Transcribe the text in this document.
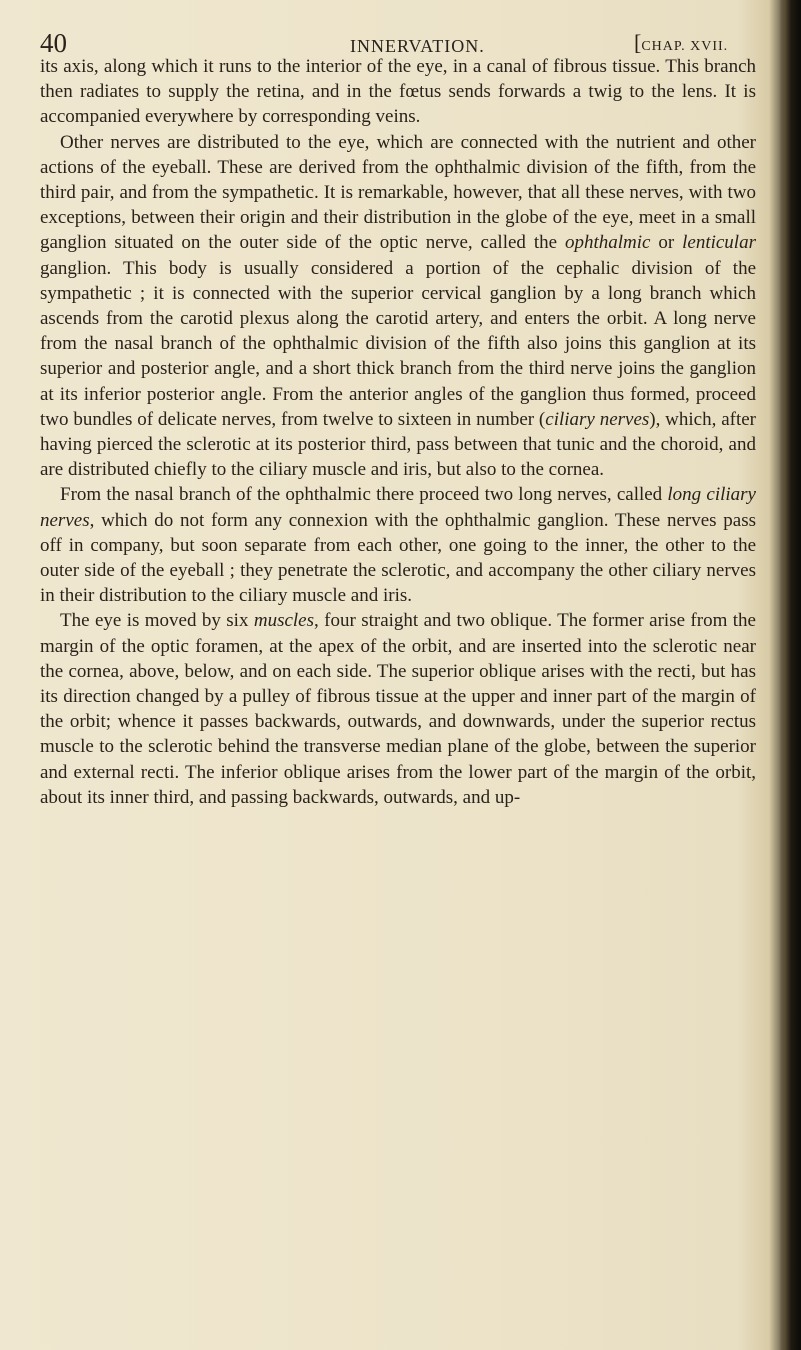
40	INNERVATION.	[CHAP. XVII.

its axis, along which it runs to the interior of the eye, in a canal of fibrous tissue. This branch then radiates to supply the retina, and in the fœtus sends forwards a twig to the lens. It is accompanied everywhere by corresponding veins.

Other nerves are distributed to the eye, which are connected with the nutrient and other actions of the eyeball. These are derived from the ophthalmic division of the fifth, from the third pair, and from the sympathetic. It is remarkable, however, that all these nerves, with two exceptions, between their origin and their distribution in the globe of the eye, meet in a small ganglion situated on the outer side of the optic nerve, called the ophthalmic or lenticular ganglion. This body is usually considered a portion of the cephalic division of the sympathetic ; it is connected with the superior cervical ganglion by a long branch which ascends from the carotid plexus along the carotid artery, and enters the orbit. A long nerve from the nasal branch of the ophthalmic division of the fifth also joins this ganglion at its superior and posterior angle, and a short thick branch from the third nerve joins the ganglion at its inferior posterior angle. From the anterior angles of the ganglion thus formed, proceed two bundles of delicate nerves, from twelve to sixteen in number (ciliary nerves), which, after having pierced the sclerotic at its posterior third, pass between that tunic and the choroid, and are distributed chiefly to the ciliary muscle and iris, but also to the cornea.

From the nasal branch of the ophthalmic there proceed two long nerves, called long ciliary nerves, which do not form any connexion with the ophthalmic ganglion. These nerves pass off in company, but soon separate from each other, one going to the inner, the other to the outer side of the eyeball ; they penetrate the sclerotic, and accompany the other ciliary nerves in their distribution to the ciliary muscle and iris.

The eye is moved by six muscles, four straight and two oblique. The former arise from the margin of the optic foramen, at the apex of the orbit, and are inserted into the sclerotic near the cornea, above, below, and on each side. The superior oblique arises with the recti, but has its direction changed by a pulley of fibrous tissue at the upper and inner part of the margin of the orbit; whence it passes backwards, outwards, and downwards, under the superior rectus muscle to the sclerotic behind the transverse median plane of the globe, between the superior and external recti. The inferior oblique arises from the lower part of the margin of the orbit, about its inner third, and passing backwards, outwards, and up-
